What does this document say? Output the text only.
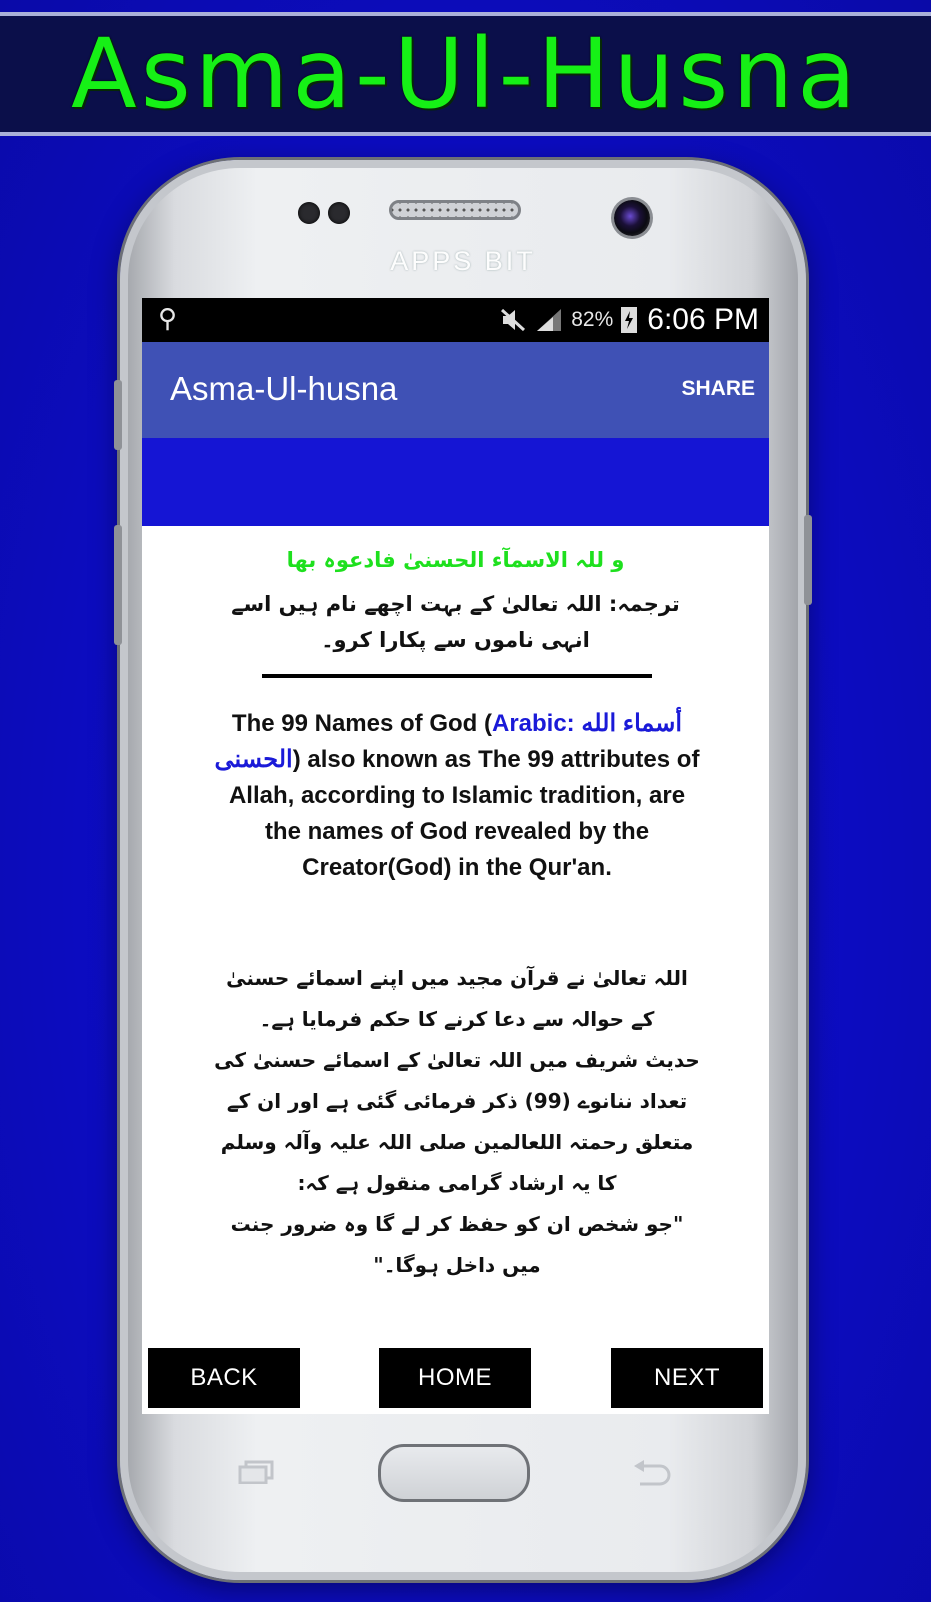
Asma-Ul-Husna
APPS BIT
⚲	82% 6:06 PM
Asma-Ul-husna	SHARE
و للہ الاسمآء الحسنیٰ فادعوہ بھا
ترجمہ: اللہ تعالیٰ کے بہت اچھے نام ہیں اسے انہی ناموں سے پکارا کرو۔
The 99 Names of God (Arabic: أسماء الله الحسنى) also known as The 99 attributes of Allah, according to Islamic tradition, are the names of God revealed by the Creator(God) in the Qur'an.

اللہ تعالیٰ نے قرآن مجید میں اپنے اسمائے حسنیٰ کے حوالہ سے دعا کرنے کا حکم فرمایا ہے۔

حدیث شریف میں اللہ تعالیٰ کے اسمائے حسنیٰ کی تعداد ننانوے (99) ذکر فرمائی گئی ہے اور ان کے متعلق رحمتہ اللعالمین صلی اللہ علیہ وآلہ وسلم کا یہ ارشاد گرامی منقول ہے کہ:

"جو شخص ان کو حفظ کر لے گا وہ ضرور جنت میں داخل ہوگا۔"

BACK	HOME	NEXT
